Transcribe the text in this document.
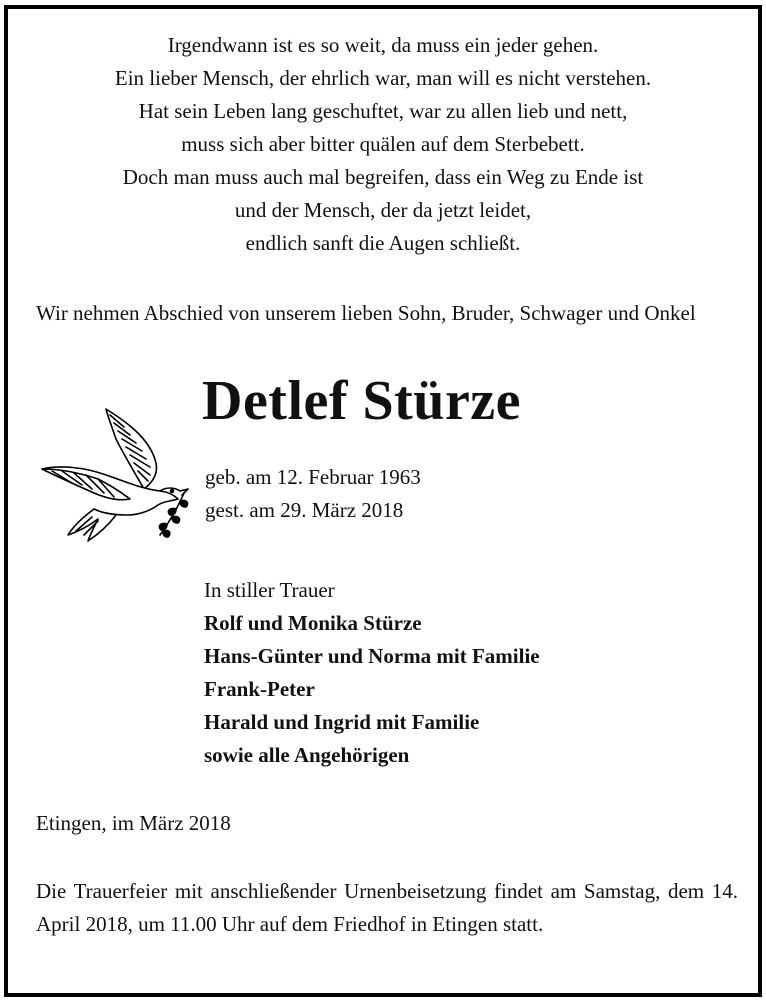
Irgendwann ist es so weit, da muss ein jeder gehen.
Ein lieber Mensch, der ehrlich war, man will es nicht verstehen.
Hat sein Leben lang geschuftet, war zu allen lieb und nett,
muss sich aber bitter quälen auf dem Sterbebett.
Doch man muss auch mal begreifen, dass ein Weg zu Ende ist
und der Mensch, der da jetzt leidet,
endlich sanft die Augen schließt.
Wir nehmen Abschied von unserem lieben Sohn, Bruder, Schwager und Onkel
Detlef Stürze
geb. am 12. Februar 1963
gest. am 29. März 2018
In stiller Trauer
Rolf und Monika Stürze
Hans-Günter und Norma mit Familie
Frank-Peter
Harald und Ingrid mit Familie
sowie alle Angehörigen
Etingen, im März 2018
Die Trauerfeier mit anschließender Urnenbeisetzung findet am Samstag, dem 14. April 2018, um 11.00 Uhr auf dem Friedhof in Etingen statt.
